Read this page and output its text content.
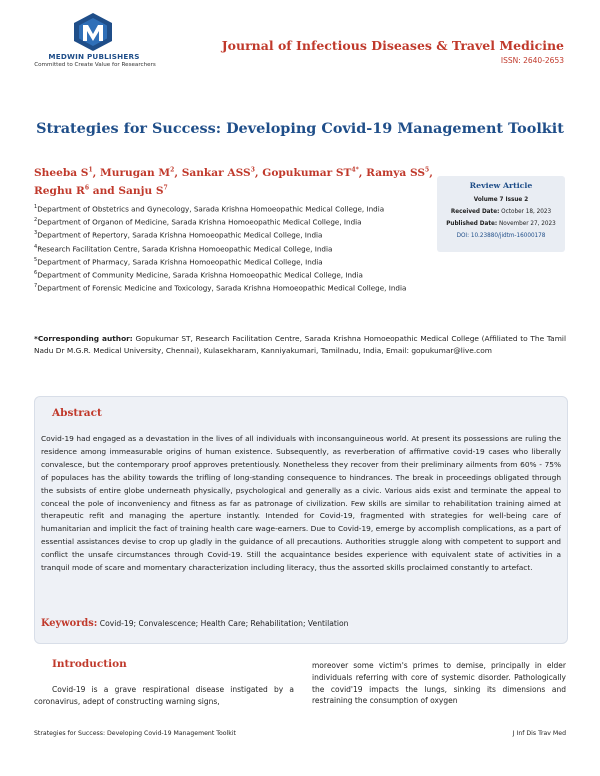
MEDWIN PUBLISHERS
Committed to Create Value for Researchers
Journal of Infectious Diseases & Travel Medicine
ISSN: 2640-2653
Strategies for Success: Developing Covid-19 Management Toolkit
Sheeba $S^1$, Murugan $M^2$, Sankar ASS$^3$, Gopukumar $ST^{4*}$, Ramya $SS^5$, Reghu $R^6$ and Sanju $S^7$
$^1$Department of Obstetrics and Gynecology, Sarada Krishna Homoeopathic Medical College, India
$^2$Department of Organon of Medicine, Sarada Krishna Homoeopathic Medical College, India
$^3$Department of Repertory, Sarada Krishna Homoeopathic Medical College, India
$^4$Research Facilitation Centre, Sarada Krishna Homoeopathic Medical College, India
$^5$Department of Pharmacy, Sarada Krishna Homoeopathic Medical College, India
$^6$Department of Community Medicine, Sarada Krishna Homoeopathic Medical College, India
$^7$Department of Forensic Medicine and Toxicology, Sarada Krishna Homoeopathic Medical College, India
Review Article
Volume 7 Issue 2
Received Date: October 18, 2023
Published Date: November 27, 2023
DOI: 10.23880/jidtm-16000178
*Corresponding author: Gopukumar ST, Research Facilitation Centre, Sarada Krishna Homoeopathic Medical College (Affiliated to The Tamil Nadu Dr M.G.R. Medical University, Chennai), Kulasekharam, Kanniyakumari, Tamilnadu, India, Email: gopukumar@live.com
Abstract
Covid-19 had engaged as a devastation in the lives of all individuals with inconsanguineous world. At present its possessions are ruling the residence among immeasurable origins of human existence. Subsequently, as reverberation of affirmative covid-19 cases who liberally convalesce, but the contemporary proof approves pretentiously. Nonetheless they recover from their preliminary ailments from 60% - 75% of populaces has the ability towards the trifling of long-standing consequence to hindrances. The break in proceedings obligated through the subsists of entire globe underneath physically, psychological and generally as a civic. Various aids exist and terminate the appeal to conceal the pole of inconveniency and fitness as far as patronage of civilization. Few skills are similar to rehabilitation training aimed at therapeutic refit and managing the aperture instantly. Intended for Covid-19, fragmented with strategies for well-being care of humanitarian and implicit the fact of training health care wage-earners. Due to Covid-19, emerge by accomplish complications, as a part of essential assistances devise to crop up gladly in the guidance of all precautions. Authorities struggle along with competent to support and conflict the unsafe circumstances through Covid-19. Still the acquaintance besides experience with equivalent state of activities in a tranquil mode of scare and momentary characterization including literacy, thus the assorted skills proclaimed constantly to artefact.
Keywords: Covid-19; Convalescence; Health Care; Rehabilitation; Ventilation
Introduction
Covid-19 is a grave respirational disease instigated by a coronavirus, adept of constructing warning signs,
moreover some victim's primes to demise, principally in elder individuals referring with core of systemic disorder. Pathologically the covid'19 impacts the lungs, sinking its dimensions and restraining the consumption of oxygen
Strategies for Success: Developing Covid-19 Management Toolkit	J Inf Dis Trav Med
